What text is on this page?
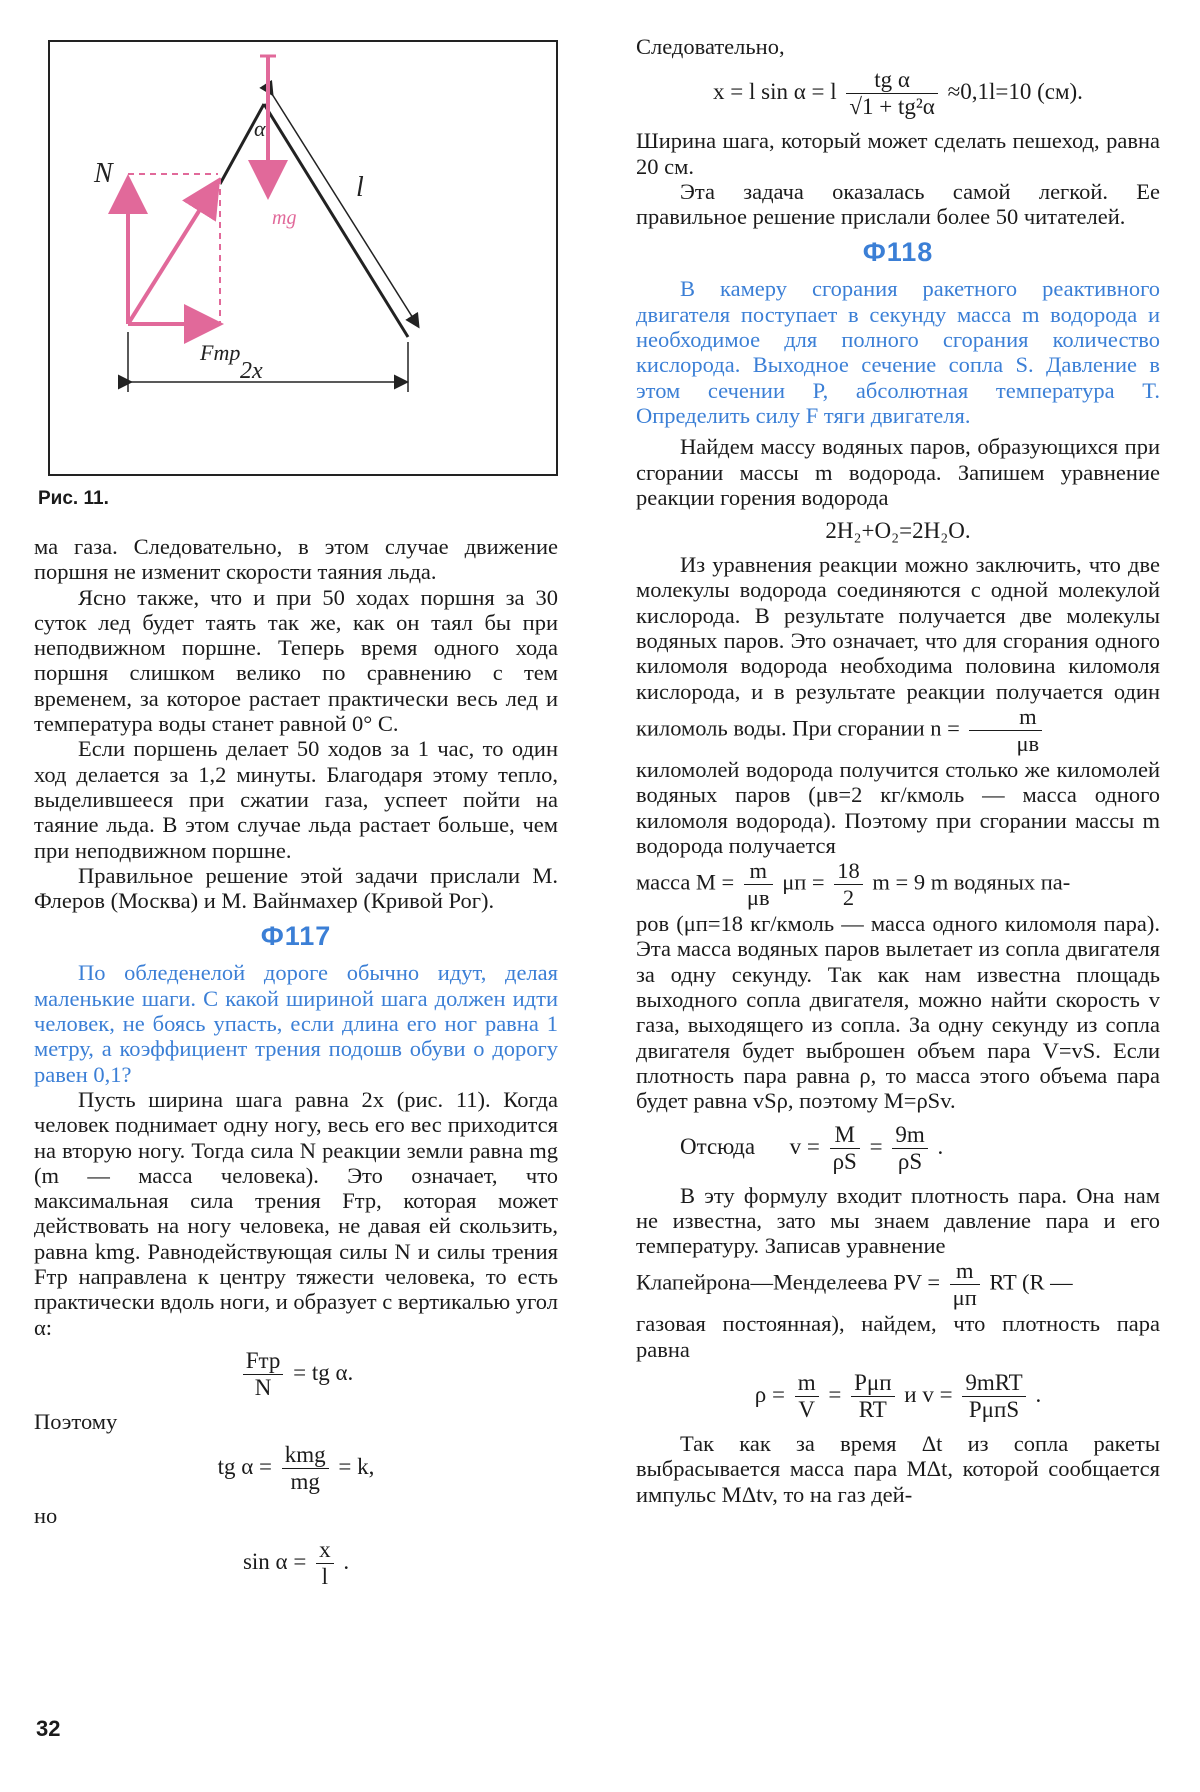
N
α
mg
l
Fтр
2x
Рис. 11.

ма газа. Следовательно, в этом случае движение поршня не изменит скорости таяния льда.

Ясно также, что и при 50 ходах поршня за 30 суток лед будет таять так же, как он таял бы при неподвижном поршне. Теперь время одного хода поршня слишком велико по сравнению с тем временем, за которое растает практически весь лед и температура воды станет равной 0° С.

Если поршень делает 50 ходов за 1 час, то один ход делается за 1,2 минуты. Благодаря этому тепло, выделившееся при сжатии газа, успеет пойти на таяние льда. В этом случае льда растает больше, чем при неподвижном поршне.

Правильное решение этой задачи прислали М. Флеров (Москва) и М. Вайнмахер (Кривой Рог).

Ф117

По обледенелой дороге обычно идут, делая маленькие шаги. С какой шириной шага должен идти человек, не боясь упасть, если длина его ног равна 1 метру, а коэффициент трения подошв обуви о дорогу равен 0,1?

Пусть ширина шага равна 2x (рис. 11). Когда человек поднимает одну ногу, весь его вес приходится на вторую ногу. Тогда сила N реакции земли равна mg (m — масса человека). Это означает, что максимальная сила трения Fтр, которая может действовать на ногу человека, не давая ей скользить, равна kmg. Равнодействующая силы N и силы трения Fтр направлена к центру тяжести человека, то есть практически вдоль ноги, и образует с вертикалью угол α:

$\frac{\text{Fтр}}{N}$ = tg α.

Поэтому

tg $\alpha = \frac{\text{kmg}}{mg} = k$,

но

$\sin \alpha = \frac{x}{l}$ .
32

Следовательно,

x = l sin α = l $\frac{\text{tg α}}{\text{√1 + tg²α}} \approx 0,1l=10$ (см).

Ширина шага, который может сделать пешеход, равна 20 см.

Эта задача оказалась самой легкой. Ее правильное решение прислали более 50 читателей.

Ф118

В камеру сгорания ракетного реактивного двигателя поступает в секунду масса m водорода и необходимое для полного сгорания количество кислорода. Выходное сечение сопла S. Давление в этом сечении P, абсолютная температура T. Определить силу F тяги двигателя.

Найдем массу водяных паров, образующихся при сгорании массы m водорода. Запишем уравнение реакции горения водорода

2H₂+O₂=2H₂O.

Из уравнения реакции можно заключить, что две молекулы водорода соединяются с одной молекулой кислорода. В результате получается две молекулы водяных паров. Это означает, что для сгорания одного киломоля водорода необходима половина киломоля кислорода, и в результате реакции получается один киломоль воды. При сгорании $n = \frac{m}{\mu в}$

киломолей водорода получится столько же киломолей водяных паров (μв=2 кг/кмоль — масса одного киломоля водорода). Поэтому при сгорании массы m водорода получается

масса $M = \frac{m}{\mu в}$ $\mu п = \frac{18}{2}$ m = 9 m водяных па-

ров (μп=18 кг/кмоль — масса одного киломоля пара). Эта масса водяных паров вылетает из сопла двигателя за одну секунду. Так как нам известна площадь выходного сопла двигателя, можно найти скорость v газа, выходящего из сопла. За одну секунду из сопла двигателя будет выброшен объем пара V=vS. Если плотность пара равна ρ, то масса этого объема пара будет равна vSρ, поэтому M=ρSv.

Отсюда $v = \frac{M}{\rho S} = \frac{9m}{\rho S}$ .

В эту формулу входит плотность пара. Она нам не известна, зато мы знаем давление пара и его температуру. Записав уравнение

Клапейрона—Менделеева PV = $\frac{m}{\mu п}$ RT (R —

газовая постоянная), найдем, что плотность пара равна

$\rho = \frac{m}{V} = \frac{\text{Pμп}}{RT}$ и $v = \frac{\text{9mRT}}{\text{PμпS}}$ .

Так как за время Δt из сопла ракеты выбрасывается масса пара MΔt, которой сообщается импульс MΔtv, то на газ дей-
